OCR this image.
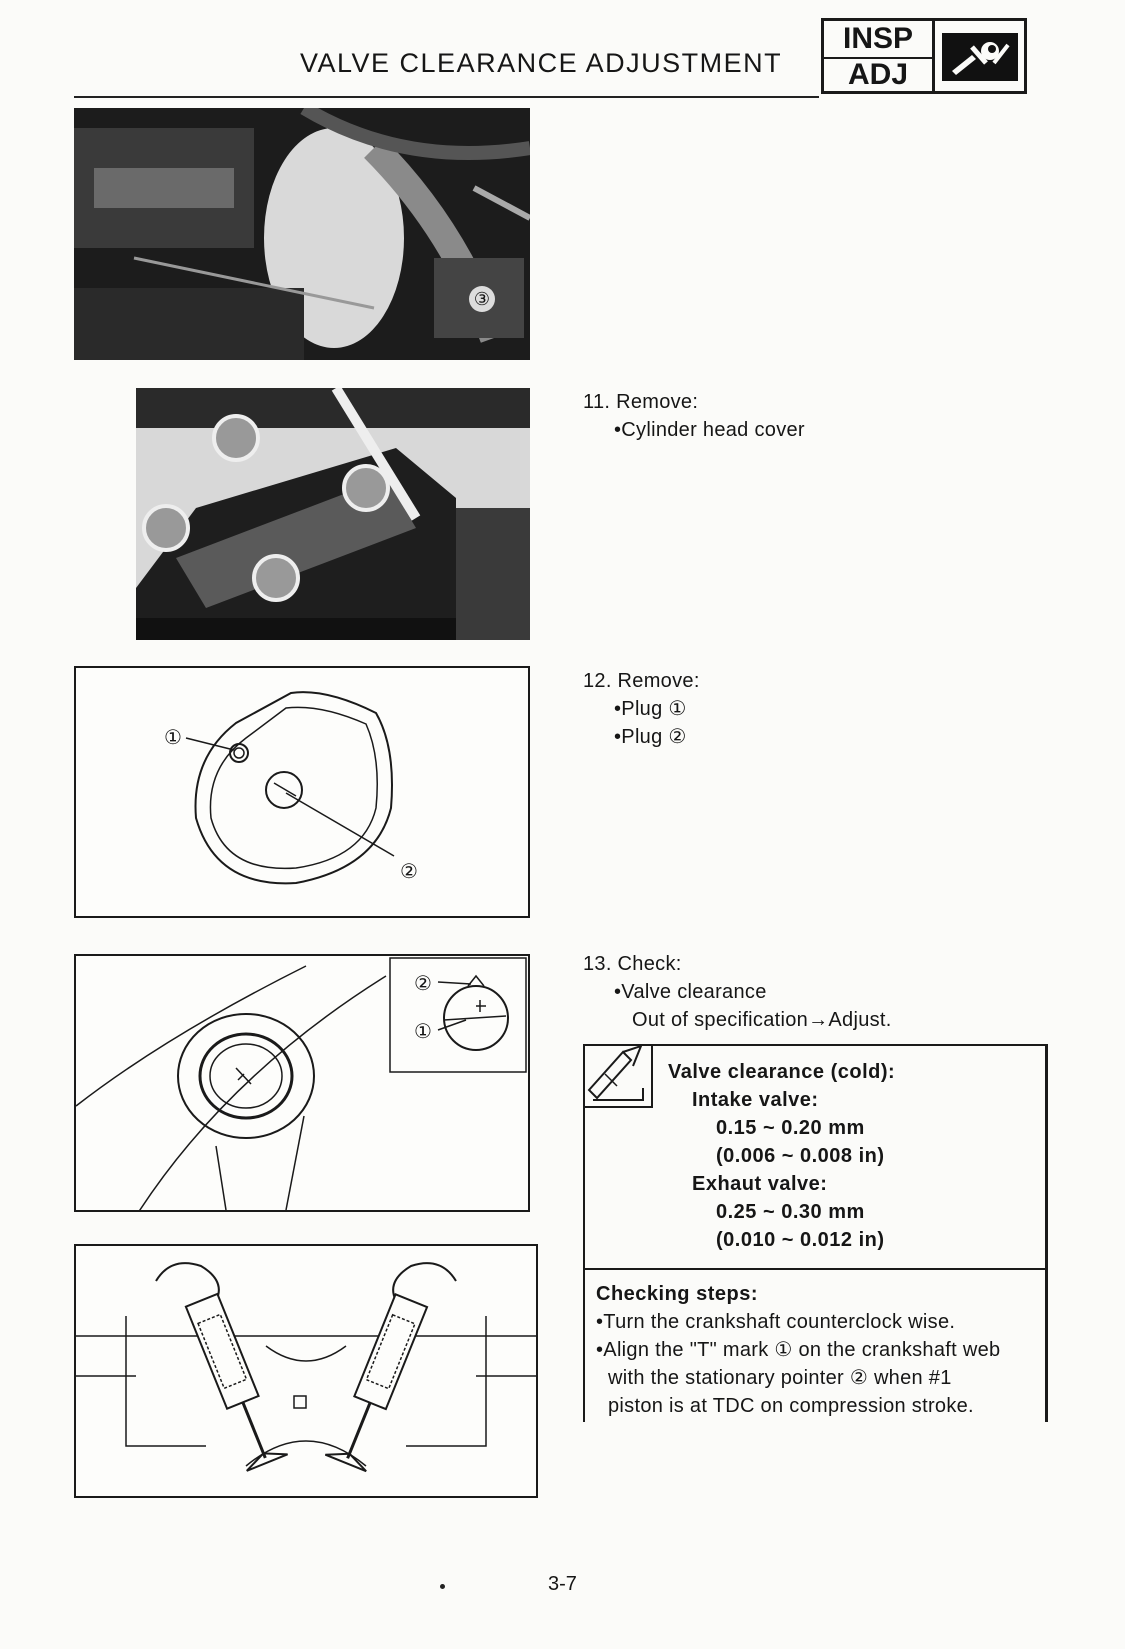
VALVE CLEARANCE ADJUSTMENT
INSP
ADJ
③
①
②
②
①
11. Remove:
•Cylinder head cover
12. Remove:
•Plug ①
•Plug ②
13. Check:
•Valve clearance
Out of specification→Adjust.
Valve clearance (cold):
Intake valve:
0.15 ~ 0.20 mm
(0.006 ~ 0.008 in)
Exhaut valve:
0.25 ~ 0.30 mm
(0.010 ~ 0.012 in)
Checking steps:
•Turn the crankshaft counterclock wise.
•Align the "T" mark ① on the crankshaft web
with the stationary pointer ② when #1
piston is at TDC on compression stroke.
3-7
